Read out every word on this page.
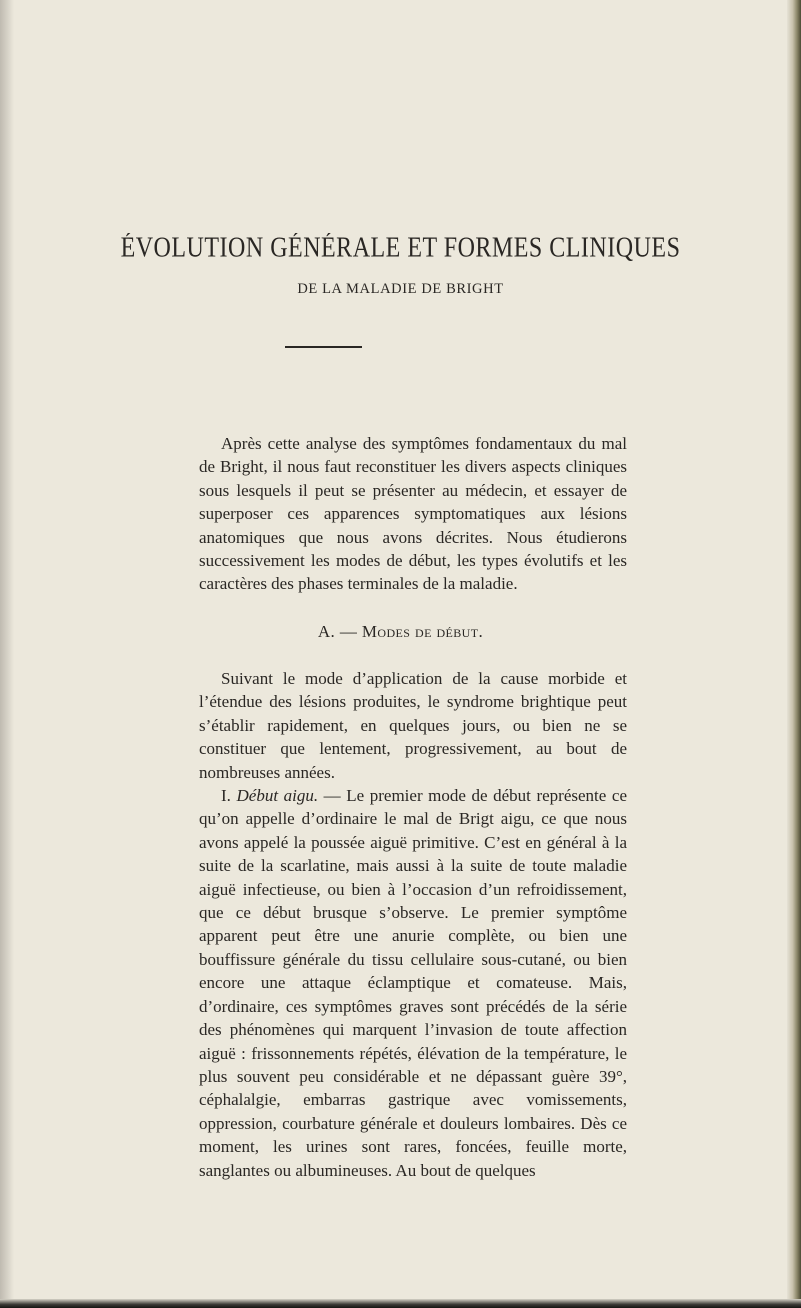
ÉVOLUTION GÉNÉRALE ET FORMES CLINIQUES
DE LA MALADIE DE BRIGHT

Après cette analyse des symptômes fondamentaux du mal de Bright, il nous faut reconstituer les divers aspects cliniques sous lesquels il peut se présenter au médecin, et essayer de superposer ces apparences symptomatiques aux lésions anatomiques que nous avons décrites. Nous étudierons successivement les modes de début, les types évolutifs et les caractères des phases terminales de la maladie.

A. — Modes de début.

Suivant le mode d’application de la cause morbide et l’étendue des lésions produites, le syndrome brightique peut s’établir rapidement, en quelques jours, ou bien ne se constituer que lentement, progressivement, au bout de nombreuses années.

I. Début aigu. — Le premier mode de début représente ce qu’on appelle d’ordinaire le mal de Brigt aigu, ce que nous avons appelé la poussée aiguë primitive. C’est en général à la suite de la scarlatine, mais aussi à la suite de toute maladie aiguë infectieuse, ou bien à l’occasion d’un refroidissement, que ce début brusque s’observe. Le premier symptôme apparent peut être une anurie complète, ou bien une bouffissure générale du tissu cellulaire sous-cutané, ou bien encore une attaque éclamptique et comateuse. Mais, d’ordinaire, ces symptômes graves sont précédés de la série des phénomènes qui marquent l’invasion de toute affection aiguë : frissonnements répétés, élévation de la température, le plus souvent peu considérable et ne dépassant guère 39°, céphalalgie, embarras gastrique avec vomissements, oppression, courbature générale et douleurs lombaires. Dès ce moment, les urines sont rares, foncées, feuille morte, sanglantes ou albumineuses. Au bout de quelques
